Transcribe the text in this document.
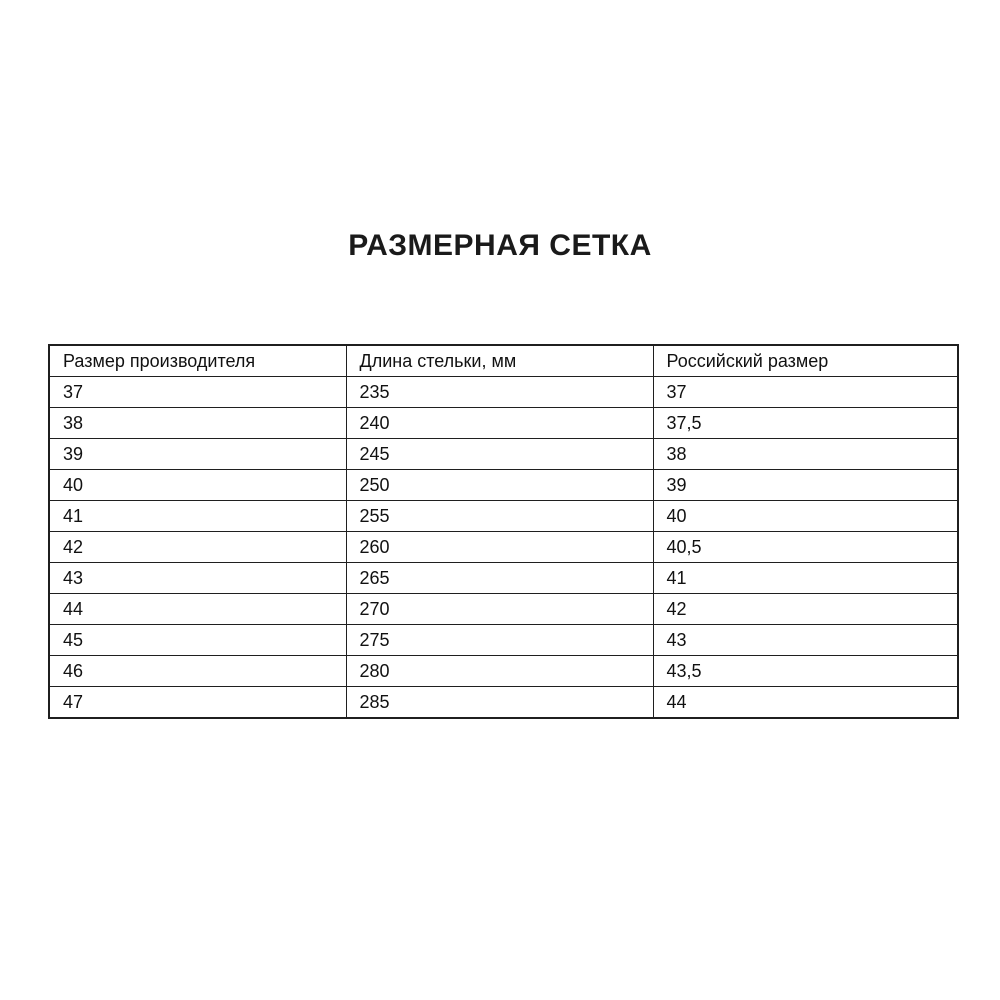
РАЗМЕРНАЯ СЕТКА
Размер производителя	Длина стельки, мм	Российский размер
37	235	37
38	240	37,5
39	245	38
40	250	39
41	255	40
42	260	40,5
43	265	41
44	270	42
45	275	43
46	280	43,5
47	285	44
